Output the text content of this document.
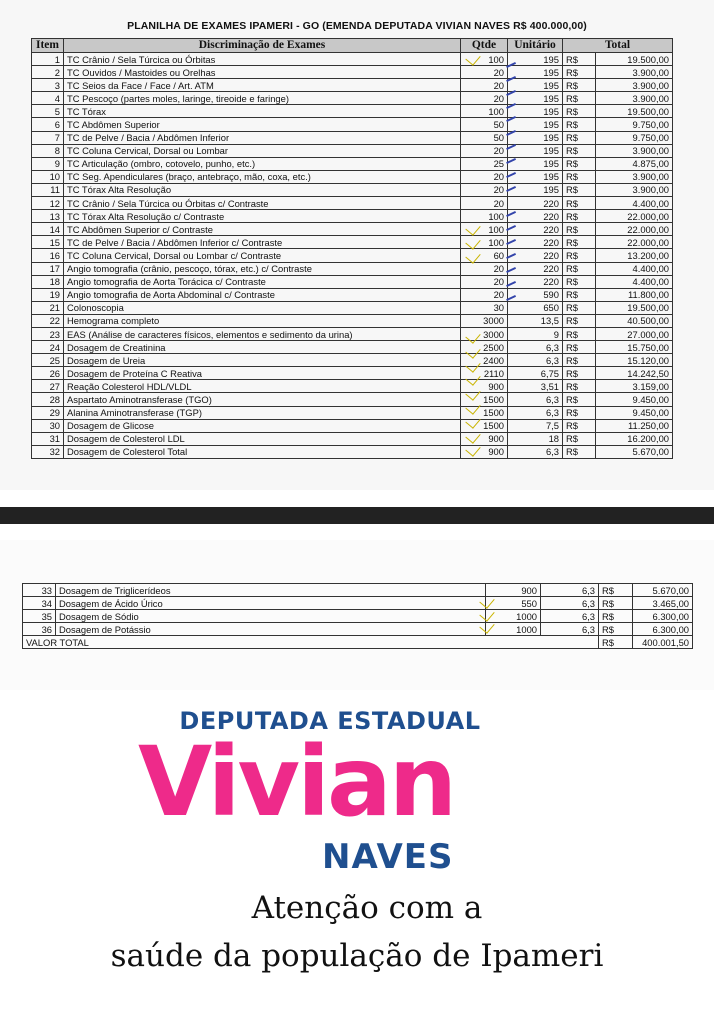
PLANILHA DE EXAMES IPAMERI - GO (EMENDA DEPUTADA VIVIAN NAVES R$ 400.000,00)
Item	Discriminação de Exames	Qtde	Unitário	Total	
1	TC Crânio / Sela Túrcica ou Órbitas	100	195	R$	19.500,00
2	TC Ouvidos / Mastoides ou Orelhas	20	195	R$	3.900,00
3	TC Seios da Face / Face / Art. ATM	20	195	R$	3.900,00
4	TC Pescoço (partes moles, laringe, tireoide e faringe)	20	195	R$	3.900,00
5	TC Tórax	100	195	R$	19.500,00
6	TC Abdômen Superior	50	195	R$	9.750,00
7	TC de Pelve / Bacia / Abdômen Inferior	50	195	R$	9.750,00
8	TC Coluna Cervical, Dorsal ou Lombar	20	195	R$	3.900,00
9	TC Articulação (ombro, cotovelo, punho, etc.)	25	195	R$	4.875,00
10	TC Seg. Apendiculares (braço, antebraço, mão, coxa, etc.)	20	195	R$	3.900,00
11	TC Tórax Alta Resolução	20	195	R$	3.900,00
12	TC Crânio / Sela Túrcica ou Órbitas c/ Contraste	20	220	R$	4.400,00
13	TC Tórax Alta Resolução c/ Contraste	100	220	R$	22.000,00
14	TC Abdômen Superior c/ Contraste	100	220	R$	22.000,00
15	TC de Pelve / Bacia / Abdômen Inferior c/ Contraste	100	220	R$	22.000,00
16	TC Coluna Cervical, Dorsal ou Lombar c/ Contraste	60	220	R$	13.200,00
17	Angio tomografia (crânio, pescoço, tórax, etc.) c/ Contraste	20	220	R$	4.400,00
18	Angio tomografia de Aorta Torácica c/ Contraste	20	220	R$	4.400,00
19	Angio tomografia de Aorta Abdominal c/ Contraste	20	590	R$	11.800,00
21	Colonoscopia	30	650	R$	19.500,00
22	Hemograma completo	3000	13,5	R$	40.500,00
23	EAS (Análise de caracteres físicos, elementos e sedimento da urina)	3000	9	R$	27.000,00
24	Dosagem de Creatinina	2500	6,3	R$	15.750,00
25	Dosagem de Ureia	2400	6,3	R$	15.120,00
26	Dosagem de Proteína C Reativa	2110	6,75	R$	14.242,50
27	Reação Colesterol HDL/VLDL	900	3,51	R$	3.159,00
28	Aspartato Aminotransferase (TGO)	1500	6,3	R$	9.450,00
29	Alanina Aminotransferase (TGP)	1500	6,3	R$	9.450,00
30	Dosagem de Glicose	1500	7,5	R$	11.250,00
31	Dosagem de Colesterol LDL	900	18	R$	16.200,00
32	Dosagem de Colesterol Total	900	6,3	R$	5.670,00
33	Dosagem de Triglicerídeos	900	6,3	R$	5.670,00
34	Dosagem de Ácido Úrico	550	6,3	R$	3.465,00
35	Dosagem de Sódio	1000	6,3	R$	6.300,00
36	Dosagem de Potássio	1000	6,3	R$	6.300,00
VALOR TOTAL				R$	400.001,50
DEPUTADA ESTADUAL
Vivian
NAVES
Atenção com a
saúde da população de Ipameri
